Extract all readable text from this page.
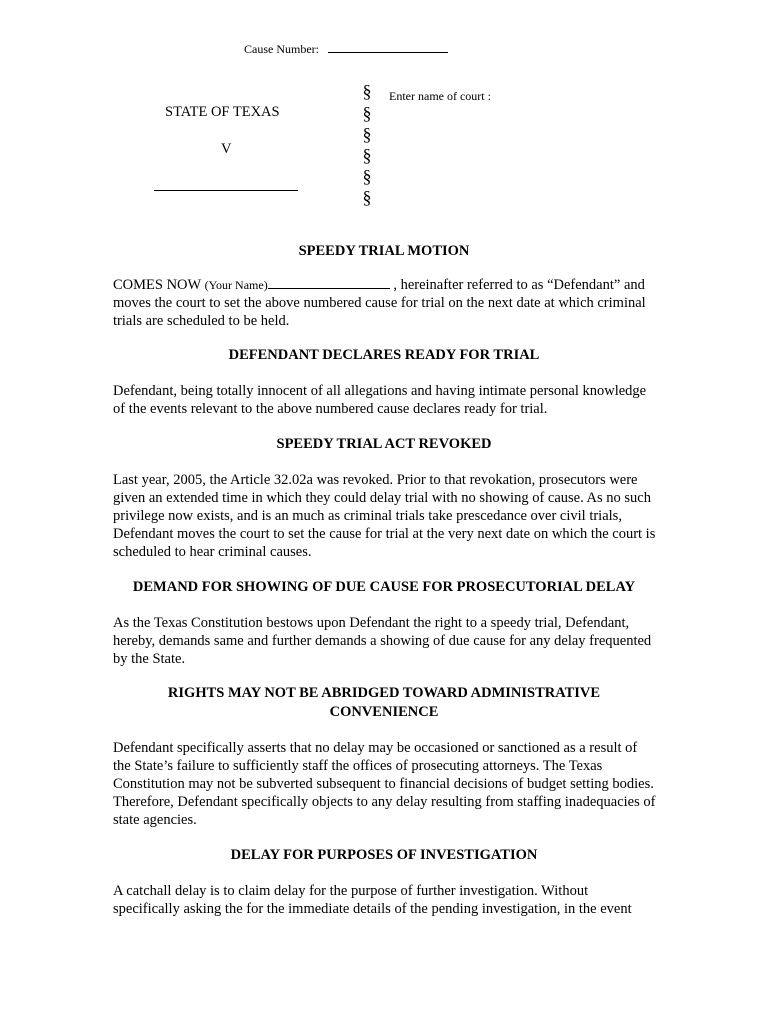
Cause Number:
Enter name of court :
STATE OF TEXAS
V
§
§
§
§
§
§
SPEEDY TRIAL MOTION

COMES NOW (Your Name)	, hereinafter referred to as “Defendant” and moves the court to set the above numbered cause for trial on the next date at which criminal trials are scheduled to be held.

DEFENDANT DECLARES READY FOR TRIAL

Defendant, being totally innocent of all allegations and having intimate personal knowledge of the events relevant to the above numbered cause declares ready for trial.

SPEEDY TRIAL ACT REVOKED

Last year, 2005, the Article 32.02a was revoked. Prior to that revokation, prosecutors were given an extended time in which they could delay trial with no showing of cause. As no such privilege now exists, and is an much as criminal trials take prescedance over civil trials, Defendant moves the court to set the cause for trial at the very next date on which the court is scheduled to hear criminal causes.

DEMAND FOR SHOWING OF DUE CAUSE FOR PROSECUTORIAL DELAY

As the Texas Constitution bestows upon Defendant the right to a speedy trial, Defendant, hereby, demands same and further demands a showing of due cause for any delay frequented by the State.

RIGHTS MAY NOT BE ABRIDGED TOWARD ADMINISTRATIVE CONVENIENCE

Defendant specifically asserts that no delay may be occasioned or sanctioned as a result of the State’s failure to sufficiently staff the offices of prosecuting attorneys. The Texas Constitution may not be subverted subsequent to financial decisions of budget setting bodies. Therefore, Defendant specifically objects to any delay resulting from staffing inadequacies of state agencies.

DELAY FOR PURPOSES OF INVESTIGATION

A catchall delay is to claim delay for the purpose of further investigation. Without specifically asking the for the immediate details of the pending investigation, in the event
